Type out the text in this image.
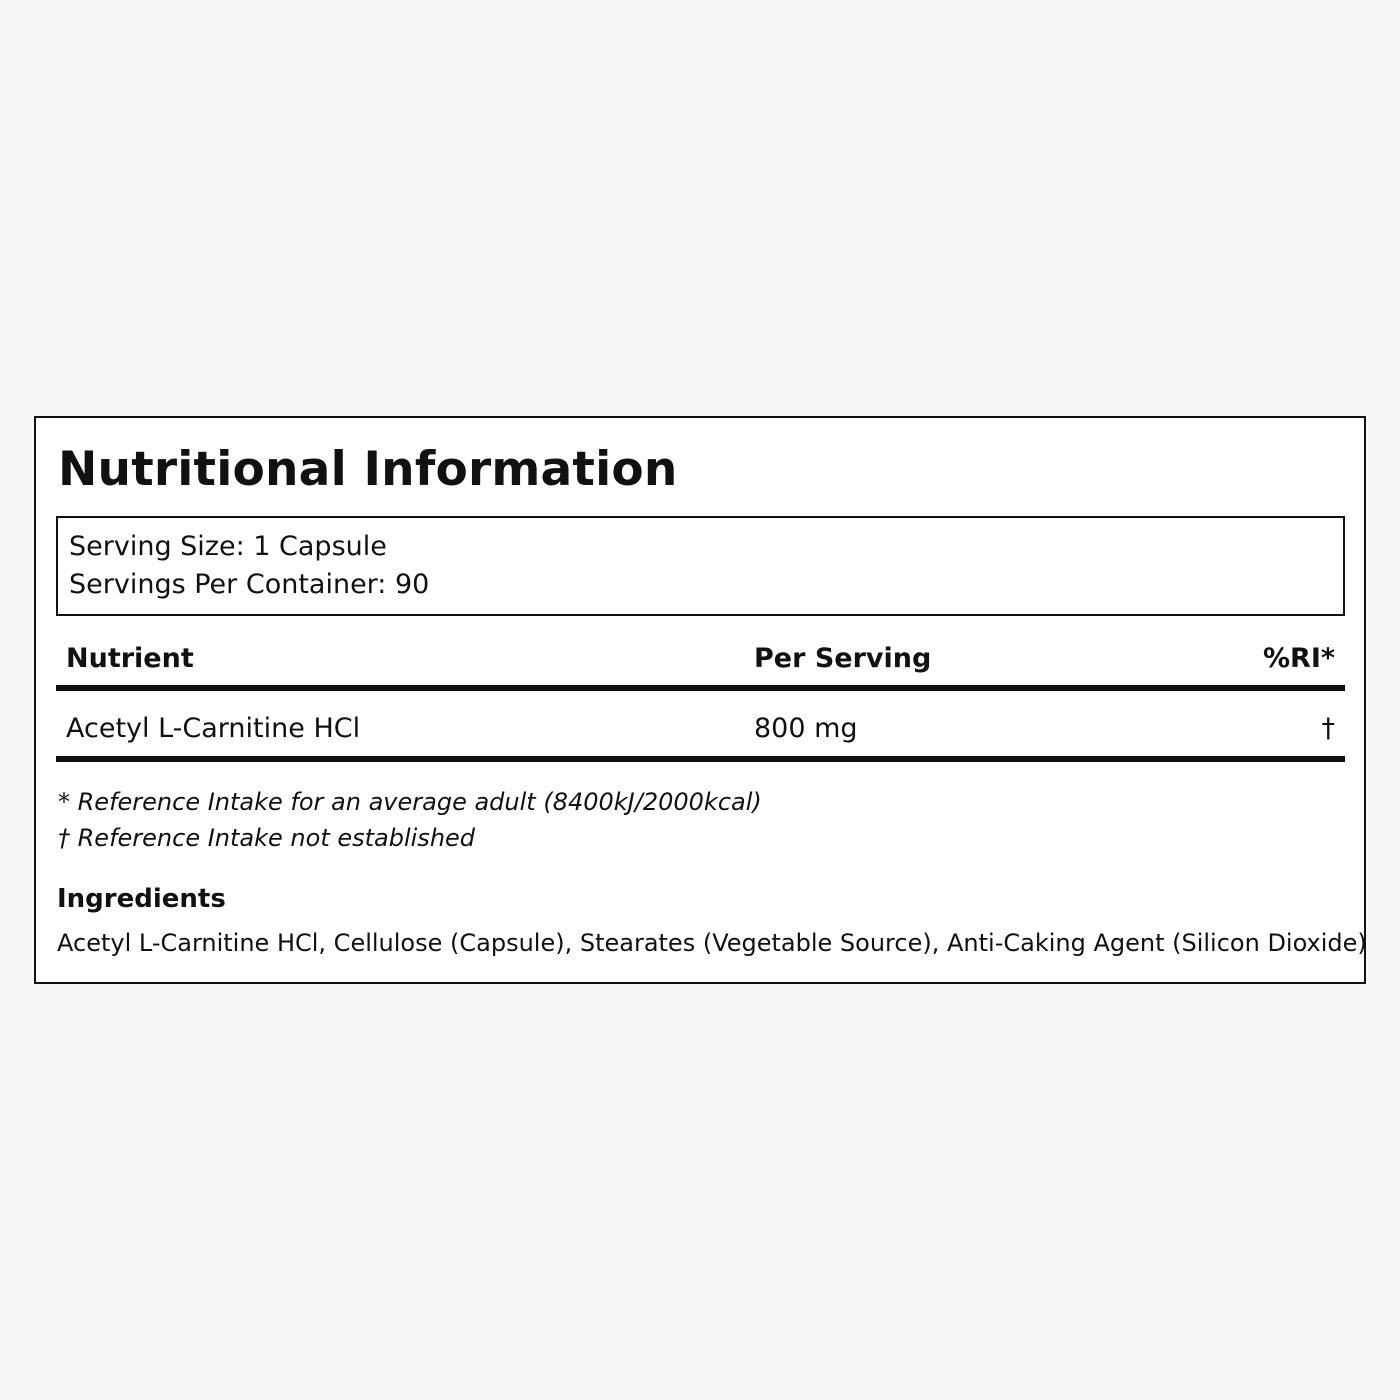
Nutritional Information
Serving Size: 1 Capsule
Servings Per Container: 90
Nutrient	Per Serving	%RI*
Acetyl L-Carnitine HCl	800 mg	†
* Reference Intake for an average adult (8400kJ/2000kcal)
† Reference Intake not established
Ingredients
Acetyl L-Carnitine HCl, Cellulose (Capsule), Stearates (Vegetable Source), Anti-Caking Agent (Silicon Dioxide)
